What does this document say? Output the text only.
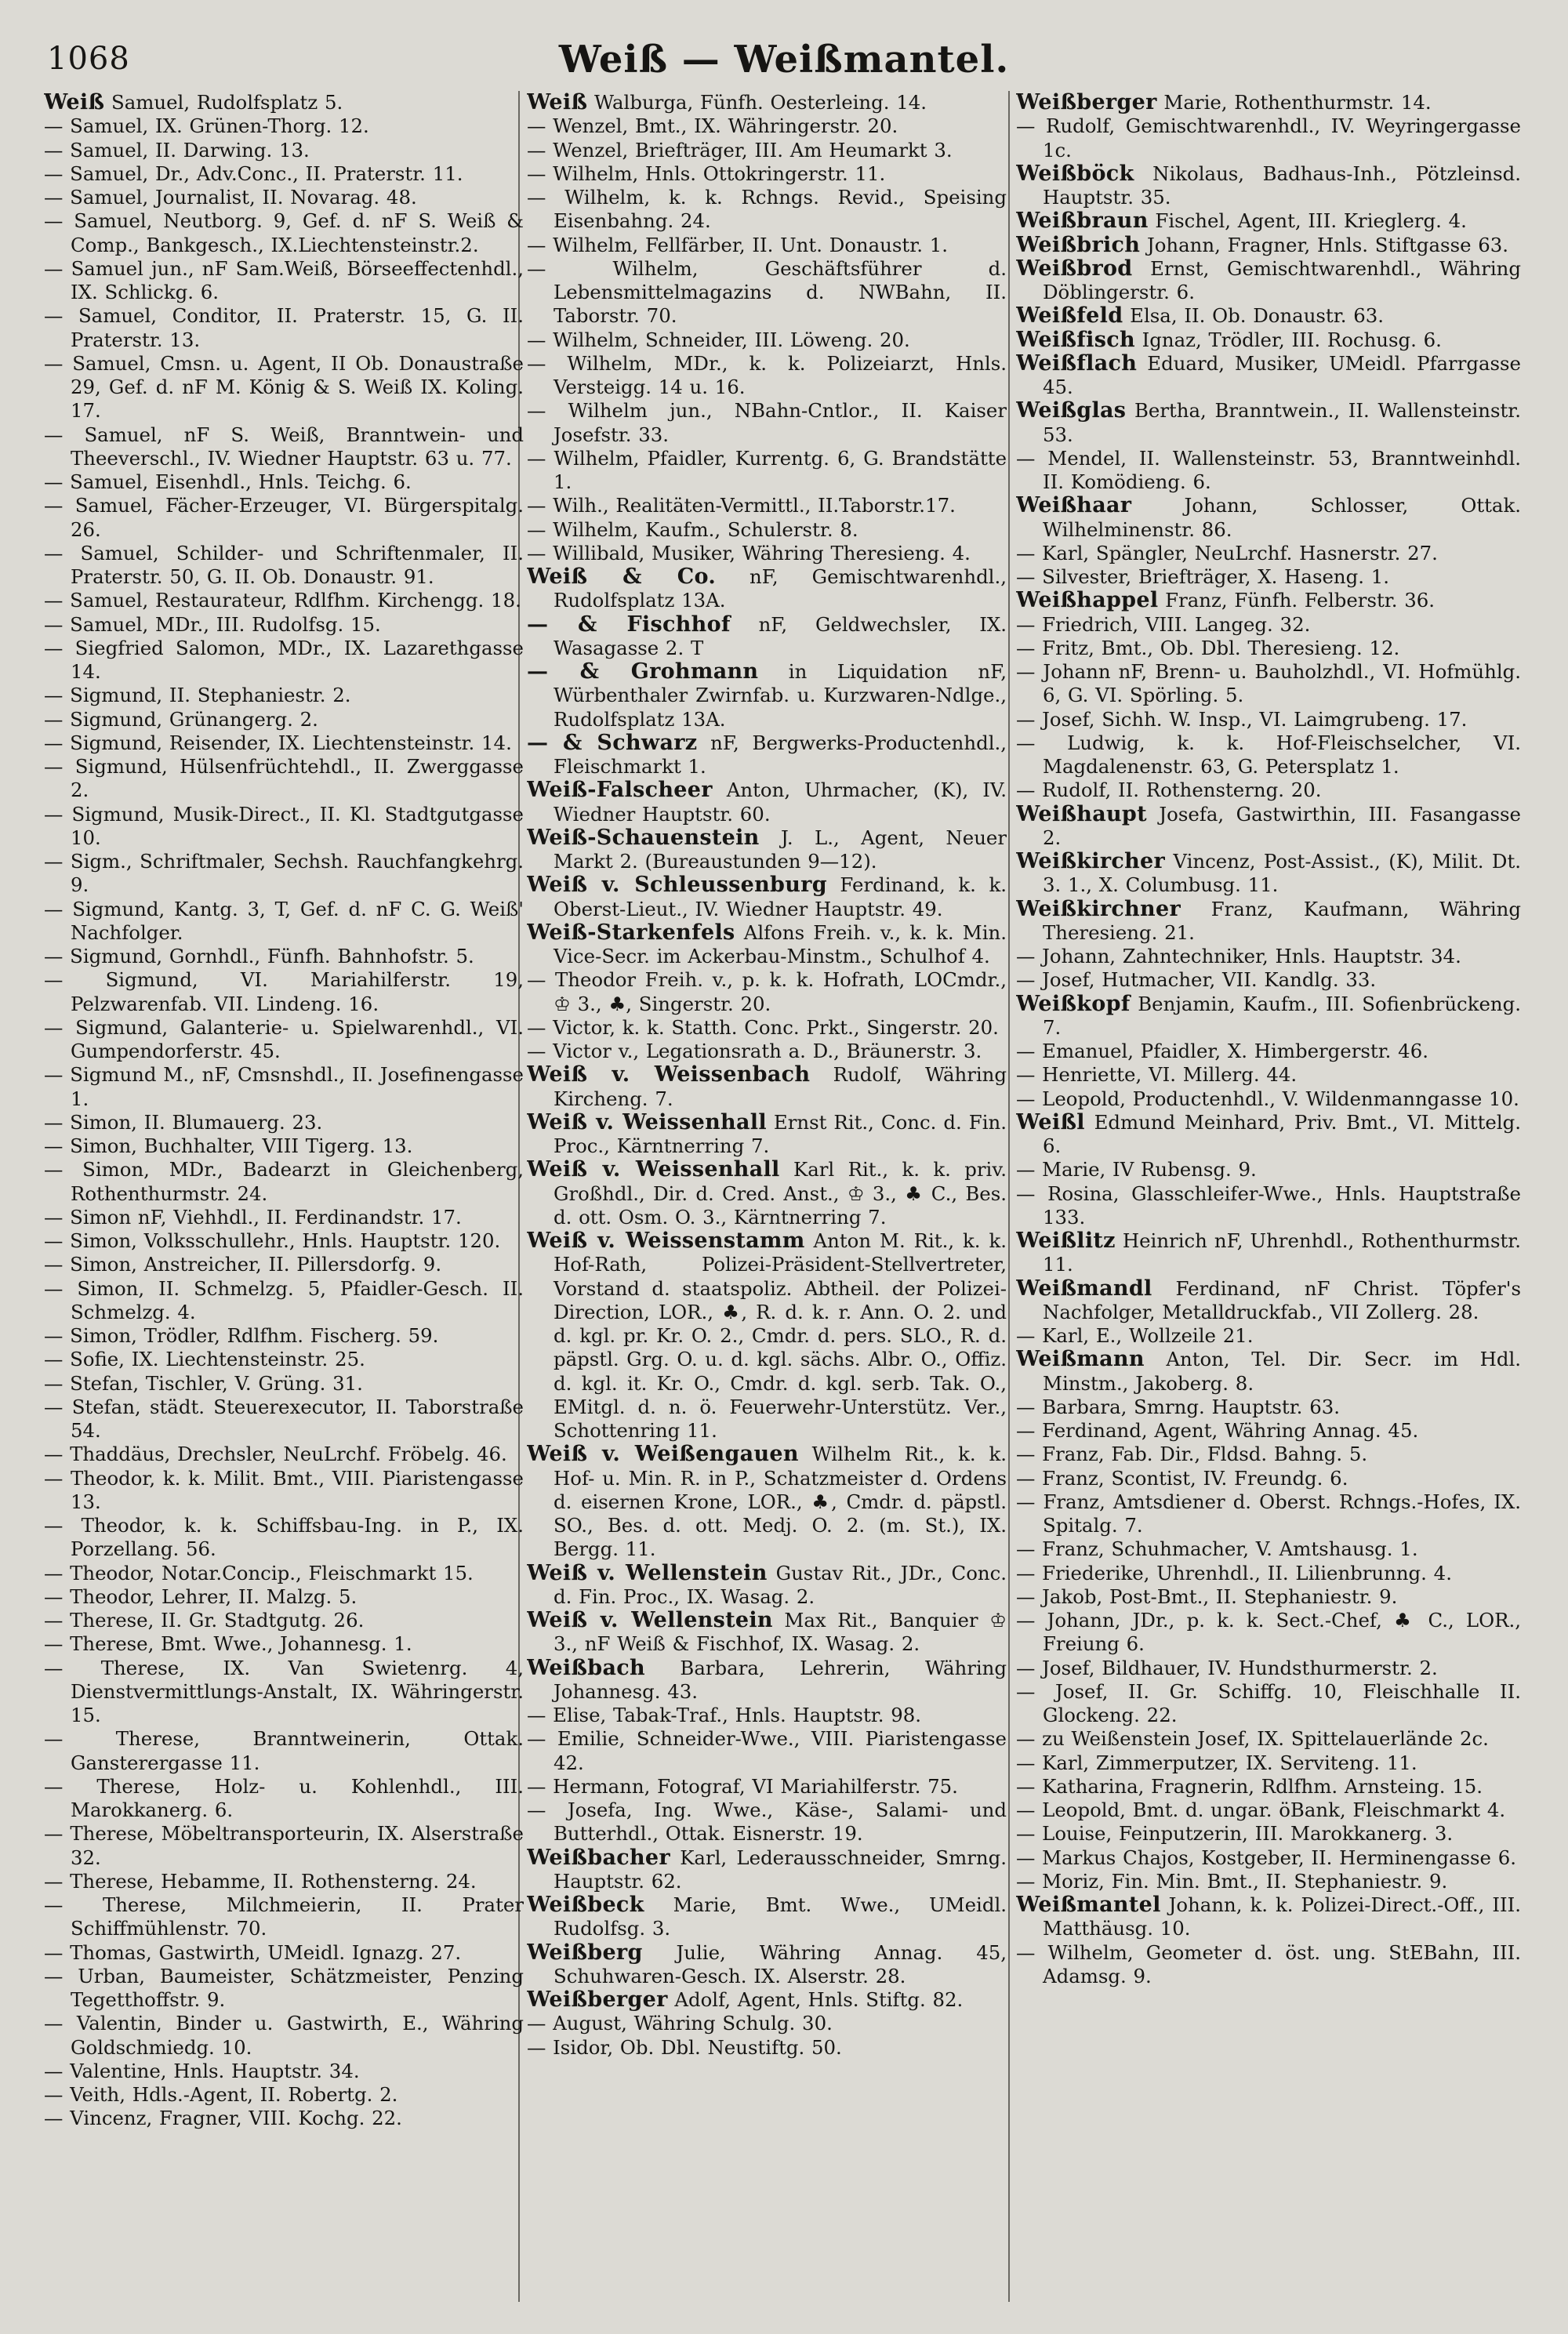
1068	Weiß — Weißmantel.

Weiß Samuel, Rudolfsplatz 5.

— Samuel, IX. Grünen-Thorg. 12.

— Samuel, II. Darwing. 13.

— Samuel, Dr., Adv.Conc., II. Praterstr. 11.

— Samuel, Journalist, II. Novarag. 48.

— Samuel, Neutborg. 9, Gef. d. nF S. Weiß & Comp., Bankgesch., IX.Liechtensteinstr.2.

— Samuel jun., nF Sam.Weiß, Börseeffectenhdl., IX. Schlickg. 6.

— Samuel, Conditor, II. Praterstr. 15, G. II. Praterstr. 13.

— Samuel, Cmsn. u. Agent, II Ob. Donaustraße 29, Gef. d. nF M. König & S. Weiß IX. Koling. 17.

— Samuel, nF S. Weiß, Branntwein- und Theeverschl., IV. Wiedner Hauptstr. 63 u. 77.

— Samuel, Eisenhdl., Hnls. Teichg. 6.

— Samuel, Fächer-Erzeuger, VI. Bürgerspitalg. 26.

— Samuel, Schilder- und Schriftenmaler, II. Praterstr. 50, G. II. Ob. Donaustr. 91.

— Samuel, Restaurateur, Rdlfhm. Kirchengg. 18.

— Samuel, MDr., III. Rudolfsg. 15.

— Siegfried Salomon, MDr., IX. Lazarethgasse 14.

— Sigmund, II. Stephaniestr. 2.

— Sigmund, Grünangerg. 2.

— Sigmund, Reisender, IX. Liechtensteinstr. 14.

— Sigmund, Hülsenfrüchtehdl., II. Zwerggasse 2.

— Sigmund, Musik-Direct., II. Kl. Stadtgutgasse 10.

— Sigm., Schriftmaler, Sechsh. Rauchfangkehrg. 9.

— Sigmund, Kantg. 3, T, Gef. d. nF C. G. Weiß' Nachfolger.

— Sigmund, Gornhdl., Fünfh. Bahnhofstr. 5.

— Sigmund, VI. Mariahilferstr. 19, Pelzwarenfab. VII. Lindeng. 16.

— Sigmund, Galanterie- u. Spielwarenhdl., VI. Gumpendorferstr. 45.

— Sigmund M., nF, Cmsnshdl., II. Josefinengasse 1.

— Simon, II. Blumauerg. 23.

— Simon, Buchhalter, VIII Tigerg. 13.

— Simon, MDr., Badearzt in Gleichenberg, Rothenthurmstr. 24.

— Simon nF, Viehhdl., II. Ferdinandstr. 17.

— Simon, Volksschullehr., Hnls. Hauptstr. 120.

— Simon, Anstreicher, II. Pillersdorfg. 9.

— Simon, II. Schmelzg. 5, Pfaidler-Gesch. II. Schmelzg. 4.

— Simon, Trödler, Rdlfhm. Fischerg. 59.

— Sofie, IX. Liechtensteinstr. 25.

— Stefan, Tischler, V. Grüng. 31.

— Stefan, städt. Steuerexecutor, II. Taborstraße 54.

— Thaddäus, Drechsler, NeuLrchf. Fröbelg. 46.

— Theodor, k. k. Milit. Bmt., VIII. Piaristengasse 13.

— Theodor, k. k. Schiffsbau-Ing. in P., IX. Porzellang. 56.

— Theodor, Notar.Concip., Fleischmarkt 15.

— Theodor, Lehrer, II. Malzg. 5.

— Therese, II. Gr. Stadtgutg. 26.

— Therese, Bmt. Wwe., Johannesg. 1.

— Therese, IX. Van Swietenrg. 4, Dienstvermittlungs-Anstalt, IX. Währingerstr. 15.

— Therese, Branntweinerin, Ottak. Gansterergasse 11.

— Therese, Holz- u. Kohlenhdl., III. Marokkanerg. 6.

— Therese, Möbeltransporteurin, IX. Alserstraße 32.

— Therese, Hebamme, II. Rothensterng. 24.

— Therese, Milchmeierin, II. Prater Schiffmühlenstr. 70.

— Thomas, Gastwirth, UMeidl. Ignazg. 27.

— Urban, Baumeister, Schätzmeister, Penzing Tegetthoffstr. 9.

— Valentin, Binder u. Gastwirth, E., Währing Goldschmiedg. 10.

— Valentine, Hnls. Hauptstr. 34.

— Veith, Hdls.-Agent, II. Robertg. 2.

— Vincenz, Fragner, VIII. Kochg. 22.

Weiß Walburga, Fünfh. Oesterleing. 14.

— Wenzel, Bmt., IX. Währingerstr. 20.

— Wenzel, Briefträger, III. Am Heumarkt 3.

— Wilhelm, Hnls. Ottokringerstr. 11.

— Wilhelm, k. k. Rchngs. Revid., Speising Eisenbahng. 24.

— Wilhelm, Fellfärber, II. Unt. Donaustr. 1.

— Wilhelm, Geschäftsführer d. Lebensmittelmagazins d. NWBahn, II. Taborstr. 70.

— Wilhelm, Schneider, III. Löweng. 20.

— Wilhelm, MDr., k. k. Polizeiarzt, Hnls. Versteigg. 14 u. 16.

— Wilhelm jun., NBahn-Cntlor., II. Kaiser Josefstr. 33.

— Wilhelm, Pfaidler, Kurrentg. 6, G. Brandstätte 1.

— Wilh., Realitäten-Vermittl., II.Taborstr.17.

— Wilhelm, Kaufm., Schulerstr. 8.

— Willibald, Musiker, Währing Theresieng. 4.

Weiß & Co. nF, Gemischtwarenhdl., Rudolfsplatz 13A.

— & Fischhof nF, Geldwechsler, IX. Wasagasse 2. T

— & Grohmann in Liquidation nF, Würbenthaler Zwirnfab. u. Kurzwaren-Ndlge., Rudolfsplatz 13A.

— & Schwarz nF, Bergwerks-Productenhdl., Fleischmarkt 1.

Weiß-Falscheer Anton, Uhrmacher, (K), IV. Wiedner Hauptstr. 60.

Weiß-Schauenstein J. L., Agent, Neuer Markt 2. (Bureaustunden 9—12).

Weiß v. Schleussenburg Ferdinand, k. k. Oberst-Lieut., IV. Wiedner Hauptstr. 49.

Weiß-Starkenfels Alfons Freih. v., k. k. Min. Vice-Secr. im Ackerbau-Minstm., Schulhof 4.

— Theodor Freih. v., p. k. k. Hofrath, LOCmdr., ♔ 3., ♣, Singerstr. 20.

— Victor, k. k. Statth. Conc. Prkt., Singerstr. 20.

— Victor v., Legationsrath a. D., Bräunerstr. 3.

Weiß v. Weissenbach Rudolf, Währing Kircheng. 7.

Weiß v. Weissenhall Ernst Rit., Conc. d. Fin. Proc., Kärntnerring 7.

Weiß v. Weissenhall Karl Rit., k. k. priv. Großhdl., Dir. d. Cred. Anst., ♔ 3., ♣ C., Bes. d. ott. Osm. O. 3., Kärntnerring 7.

Weiß v. Weissenstamm Anton M. Rit., k. k. Hof-Rath, Polizei-Präsident-Stellvertreter, Vorstand d. staatspoliz. Abtheil. der Polizei-Direction, LOR., ♣, R. d. k. r. Ann. O. 2. und d. kgl. pr. Kr. O. 2., Cmdr. d. pers. SLO., R. d. päpstl. Grg. O. u. d. kgl. sächs. Albr. O., Offiz. d. kgl. it. Kr. O., Cmdr. d. kgl. serb. Tak. O., EMitgl. d. n. ö. Feuerwehr-Unterstütz. Ver., Schottenring 11.

Weiß v. Weißengauen Wilhelm Rit., k. k. Hof- u. Min. R. in P., Schatzmeister d. Ordens d. eisernen Krone, LOR., ♣, Cmdr. d. päpstl. SO., Bes. d. ott. Medj. O. 2. (m. St.), IX. Bergg. 11.

Weiß v. Wellenstein Gustav Rit., JDr., Conc. d. Fin. Proc., IX. Wasag. 2.

Weiß v. Wellenstein Max Rit., Banquier ♔ 3., nF Weiß & Fischhof, IX. Wasag. 2.

Weißbach Barbara, Lehrerin, Währing Johannesg. 43.

— Elise, Tabak-Traf., Hnls. Hauptstr. 98.

— Emilie, Schneider-Wwe., VIII. Piaristengasse 42.

— Hermann, Fotograf, VI Mariahilferstr. 75.

— Josefa, Ing. Wwe., Käse-, Salami- und Butterhdl., Ottak. Eisnerstr. 19.

Weißbacher Karl, Lederausschneider, Smrng. Hauptstr. 62.

Weißbeck Marie, Bmt. Wwe., UMeidl. Rudolfsg. 3.

Weißberg Julie, Währing Annag. 45, Schuhwaren-Gesch. IX. Alserstr. 28.

Weißberger Adolf, Agent, Hnls. Stiftg. 82.

— August, Währing Schulg. 30.

— Isidor, Ob. Dbl. Neustiftg. 50.

Weißberger Marie, Rothenthurmstr. 14.

— Rudolf, Gemischtwarenhdl., IV. Weyringergasse 1c.

Weißböck Nikolaus, Badhaus-Inh., Pötzleinsd. Hauptstr. 35.

Weißbraun Fischel, Agent, III. Krieglerg. 4.

Weißbrich Johann, Fragner, Hnls. Stiftgasse 63.

Weißbrod Ernst, Gemischtwarenhdl., Währing Döblingerstr. 6.

Weißfeld Elsa, II. Ob. Donaustr. 63.

Weißfisch Ignaz, Trödler, III. Rochusg. 6.

Weißflach Eduard, Musiker, UMeidl. Pfarrgasse 45.

Weißglas Bertha, Branntwein., II. Wallensteinstr. 53.

— Mendel, II. Wallensteinstr. 53, Branntweinhdl. II. Komödieng. 6.

Weißhaar Johann, Schlosser, Ottak. Wilhelminenstr. 86.

— Karl, Spängler, NeuLrchf. Hasnerstr. 27.

— Silvester, Briefträger, X. Haseng. 1.

Weißhappel Franz, Fünfh. Felberstr. 36.

— Friedrich, VIII. Langeg. 32.

— Fritz, Bmt., Ob. Dbl. Theresieng. 12.

— Johann nF, Brenn- u. Bauholzhdl., VI. Hofmühlg. 6, G. VI. Spörling. 5.

— Josef, Sichh. W. Insp., VI. Laimgrubeng. 17.

— Ludwig, k. k. Hof-Fleischselcher, VI. Magdalenenstr. 63, G. Petersplatz 1.

— Rudolf, II. Rothensterng. 20.

Weißhaupt Josefa, Gastwirthin, III. Fasangasse 2.

Weißkircher Vincenz, Post-Assist., (K), Milit. Dt. 3. 1., X. Columbusg. 11.

Weißkirchner Franz, Kaufmann, Währing Theresieng. 21.

— Johann, Zahntechniker, Hnls. Hauptstr. 34.

— Josef, Hutmacher, VII. Kandlg. 33.

Weißkopf Benjamin, Kaufm., III. Sofienbrückeng. 7.

— Emanuel, Pfaidler, X. Himbergerstr. 46.

— Henriette, VI. Millerg. 44.

— Leopold, Productenhdl., V. Wildenmanngasse 10.

Weißl Edmund Meinhard, Priv. Bmt., VI. Mittelg. 6.

— Marie, IV Rubensg. 9.

— Rosina, Glasschleifer-Wwe., Hnls. Hauptstraße 133.

Weißlitz Heinrich nF, Uhrenhdl., Rothenthurmstr. 11.

Weißmandl Ferdinand, nF Christ. Töpfer's Nachfolger, Metalldruckfab., VII Zollerg. 28.

— Karl, E., Wollzeile 21.

Weißmann Anton, Tel. Dir. Secr. im Hdl. Minstm., Jakoberg. 8.

— Barbara, Smrng. Hauptstr. 63.

— Ferdinand, Agent, Währing Annag. 45.

— Franz, Fab. Dir., Fldsd. Bahng. 5.

— Franz, Scontist, IV. Freundg. 6.

— Franz, Amtsdiener d. Oberst. Rchngs.-Hofes, IX. Spitalg. 7.

— Franz, Schuhmacher, V. Amtshausg. 1.

— Friederike, Uhrenhdl., II. Lilienbrunng. 4.

— Jakob, Post-Bmt., II. Stephaniestr. 9.

— Johann, JDr., p. k. k. Sect.-Chef, ♣ C., LOR., Freiung 6.

— Josef, Bildhauer, IV. Hundsthurmerstr. 2.

— Josef, II. Gr. Schiffg. 10, Fleischhalle II. Glockeng. 22.

— zu Weißenstein Josef, IX. Spittelauerlände 2c.

— Karl, Zimmerputzer, IX. Serviteng. 11.

— Katharina, Fragnerin, Rdlfhm. Arnsteing. 15.

— Leopold, Bmt. d. ungar. öBank, Fleischmarkt 4.

— Louise, Feinputzerin, III. Marokkanerg. 3.

— Markus Chajos, Kostgeber, II. Herminengasse 6.

— Moriz, Fin. Min. Bmt., II. Stephaniestr. 9.

Weißmantel Johann, k. k. Polizei-Direct.-Off., III. Matthäusg. 10.

— Wilhelm, Geometer d. öst. ung. StEBahn, III. Adamsg. 9.
